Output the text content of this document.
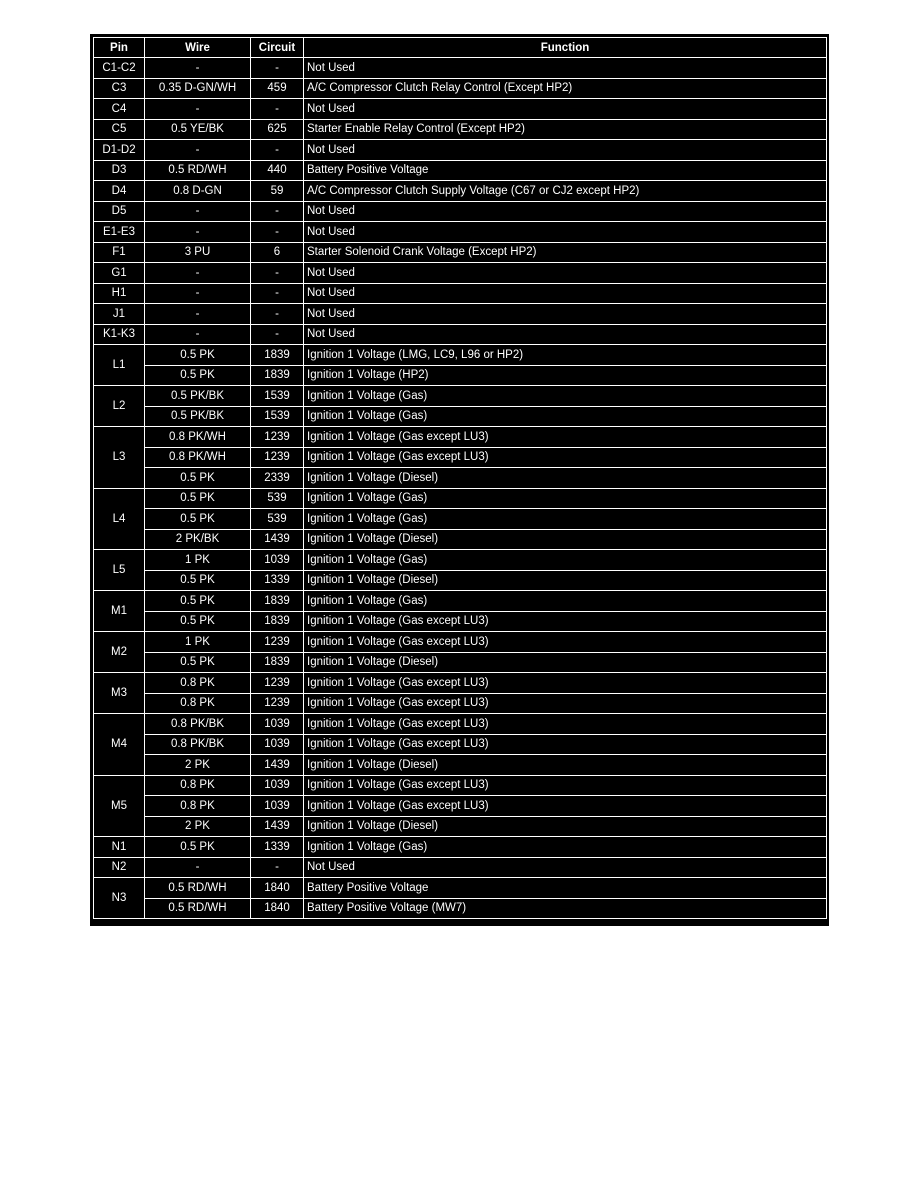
Pin	Wire	Circuit	Function
C1-C2	-	-	Not Used
C3	0.35 D-GN/WH	459	A/C Compressor Clutch Relay Control (Except HP2)
C4	-	-	Not Used
C5	0.5 YE/BK	625	Starter Enable Relay Control (Except HP2)
D1-D2	-	-	Not Used
D3	0.5 RD/WH	440	Battery Positive Voltage
D4	0.8 D-GN	59	A/C Compressor Clutch Supply Voltage (C67 or CJ2 except HP2)
D5	-	-	Not Used
E1-E3	-	-	Not Used
F1	3 PU	6	Starter Solenoid Crank Voltage (Except HP2)
G1	-	-	Not Used
H1	-	-	Not Used
J1	-	-	Not Used
K1-K3	-	-	Not Used
L1	0.5 PK	1839	Ignition 1 Voltage (LMG, LC9, L96 or HP2)
	0.5 PK	1839	Ignition 1 Voltage (HP2)
L2	0.5 PK/BK	1539	Ignition 1 Voltage (Gas)
	0.5 PK/BK	1539	Ignition 1 Voltage (Gas)
L3	0.8 PK/WH	1239	Ignition 1 Voltage (Gas except LU3)
	0.8 PK/WH	1239	Ignition 1 Voltage (Gas except LU3)
	0.5 PK	2339	Ignition 1 Voltage (Diesel)
L4	0.5 PK	539	Ignition 1 Voltage (Gas)
	0.5 PK	539	Ignition 1 Voltage (Gas)
	2 PK/BK	1439	Ignition 1 Voltage (Diesel)
L5	1 PK	1039	Ignition 1 Voltage (Gas)
	0.5 PK	1339	Ignition 1 Voltage (Diesel)
M1	0.5 PK	1839	Ignition 1 Voltage (Gas)
	0.5 PK	1839	Ignition 1 Voltage (Gas except LU3)
M2	1 PK	1239	Ignition 1 Voltage (Gas except LU3)
	0.5 PK	1839	Ignition 1 Voltage (Diesel)
M3	0.8 PK	1239	Ignition 1 Voltage (Gas except LU3)
	0.8 PK	1239	Ignition 1 Voltage (Gas except LU3)
M4	0.8 PK/BK	1039	Ignition 1 Voltage (Gas except LU3)
	0.8 PK/BK	1039	Ignition 1 Voltage (Gas except LU3)
	2 PK	1439	Ignition 1 Voltage (Diesel)
M5	0.8 PK	1039	Ignition 1 Voltage (Gas except LU3)
	0.8 PK	1039	Ignition 1 Voltage (Gas except LU3)
	2 PK	1439	Ignition 1 Voltage (Diesel)
N1	0.5 PK	1339	Ignition 1 Voltage (Gas)
N2	-	-	Not Used
N3	0.5 RD/WH	1840	Battery Positive Voltage
	0.5 RD/WH	1840	Battery Positive Voltage (MW7)
